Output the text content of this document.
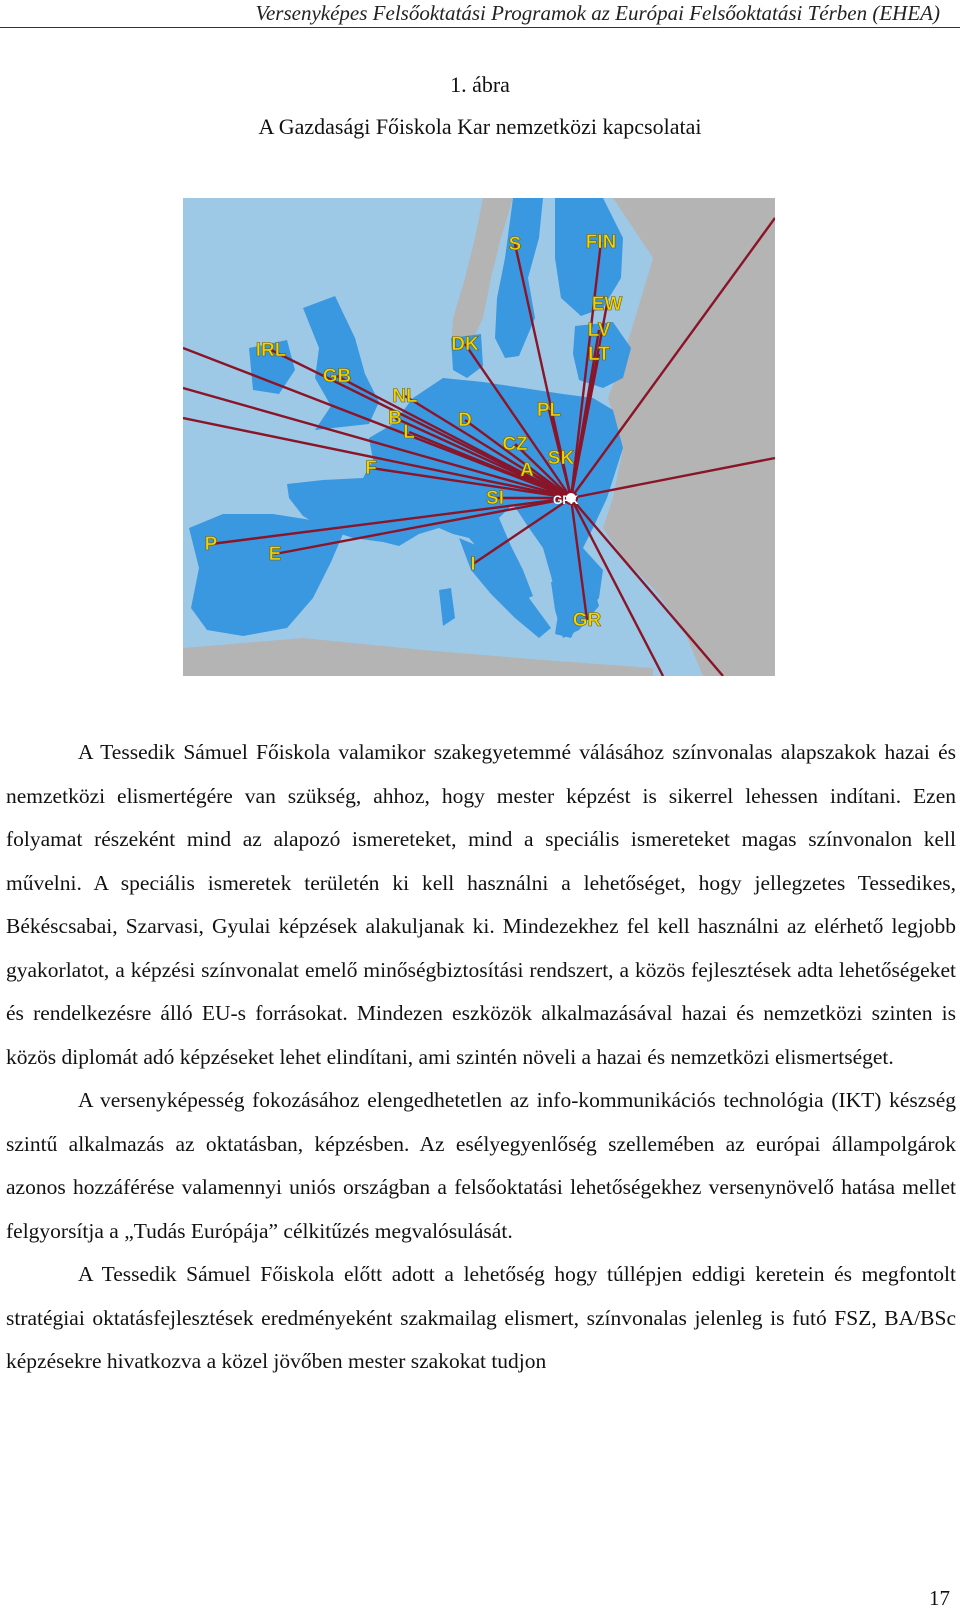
Versenyképes Felsőoktatási Programok az Európai Felsőoktatási Térben (EHEA)
1. ábra
A Gazdasági Főiskola Kar nemzetközi kapcsolatai
S	FIN
EW
LV
LT
IRL	DK
GB
NL
B
L
D	PL
CZ
SK
A
F
SI
P	E	I
GR
GFK

A Tessedik Sámuel Főiskola valamikor szakegyetemmé válásához színvonalas alapszakok hazai és nemzetközi elismertégére van szükség, ahhoz, hogy mester képzést is sikerrel lehessen indítani. Ezen folyamat részeként mind az alapozó ismereteket, mind a speciális ismereteket magas színvonalon kell művelni. A speciális ismeretek területén ki kell használni a lehetőséget, hogy jellegzetes Tessedikes, Békéscsabai, Szarvasi, Gyulai képzések alakuljanak ki. Mindezekhez fel kell használni az elérhető legjobb gyakorlatot, a képzési színvonalat emelő minőségbiztosítási rendszert, a közös fejlesztések adta lehetőségeket és rendelkezésre álló EU-s forrásokat. Mindezen eszközök alkalmazásával hazai és nemzetközi szinten is közös diplomát adó képzéseket lehet elindítani, ami szintén növeli a hazai és nemzetközi elismertséget.

A versenyképesség fokozásához elengedhetetlen az info-kommunikációs technológia (IKT) készség szintű alkalmazás az oktatásban, képzésben. Az esélyegyenlőség szellemében az európai állampolgárok azonos hozzáférése valamennyi uniós országban a felsőoktatási lehetőségekhez versenynövelő hatása mellet felgyorsítja a „Tudás Európája” célkitűzés megvalósulását.

A Tessedik Sámuel Főiskola előtt adott a lehetőség hogy túllépjen eddigi keretein és megfontolt stratégiai oktatásfejlesztések eredményeként szakmailag elismert, színvonalas jelenleg is futó FSZ, BA/BSc képzésekre hivatkozva a közel jövőben mester szakokat tudjon

17
